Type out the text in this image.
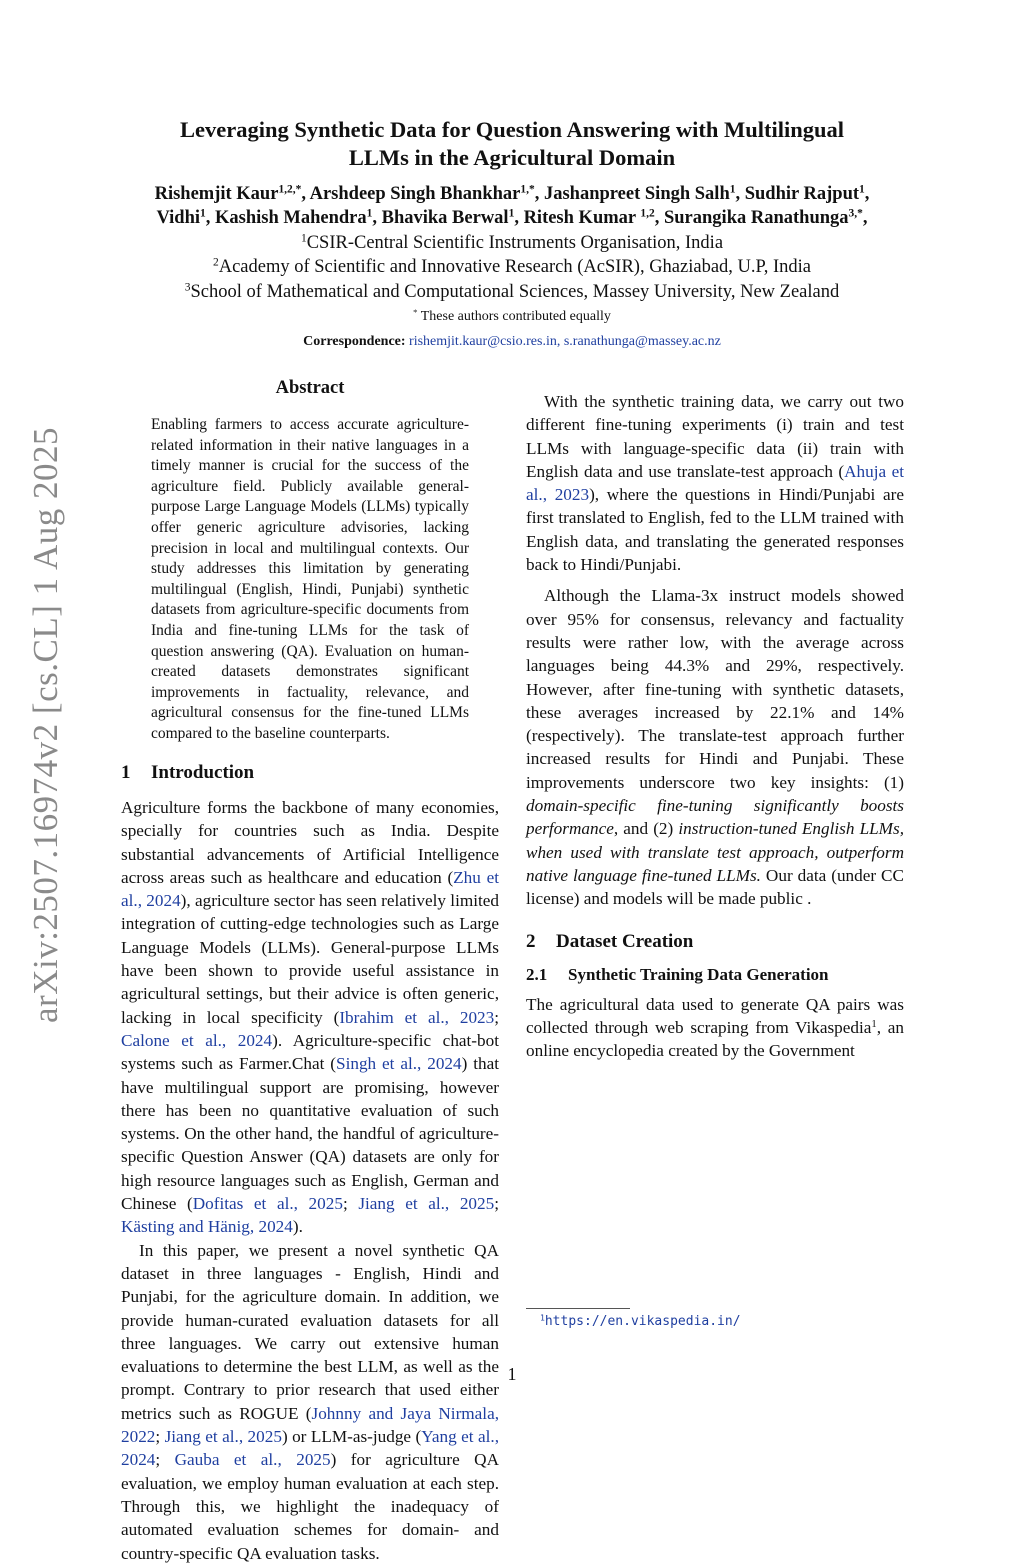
arXiv:2507.16974v2 [cs.CL] 1 Aug 2025
Leveraging Synthetic Data for Question Answering with Multilingual
LLMs in the Agricultural Domain
Rishemjit Kaur$^{1,2,*}$, Arshdeep Singh Bhankhar$^{1,*}$, Jashanpreet Singh Salh$^1$, Sudhir Rajput$^1$,
Vidhi$^1$, Kashish Mahendra$^1$, Bhavika Berwal$^1$, Ritesh Kumar $^{1,2}$, Surangika Ranathunga$^{3,*}$,
$^1$CSIR-Central Scientific Instruments Organisation, India
$^2$Academy of Scientific and Innovative Research (AcSIR), Ghaziabad, U.P, India
$^3$School of Mathematical and Computational Sciences, Massey University, New Zealand
* These authors contributed equally
Correspondence: rishemjit.kaur@csio.res.in, s.ranathunga@massey.ac.nz
Abstract
Enabling farmers to access accurate agriculture-related information in their native languages in a timely manner is crucial for the success of the agriculture field. Publicly available general-purpose Large Language Models (LLMs) typically offer generic agriculture advisories, lacking precision in local and multilingual contexts. Our study addresses this limitation by generating multilingual (English, Hindi, Punjabi) synthetic datasets from agriculture-specific documents from India and fine-tuning LLMs for the task of question answering (QA). Evaluation on human-created datasets demonstrates significant improvements in factuality, relevance, and agricultural consensus for the fine-tuned LLMs compared to the baseline counterparts.
1 Introduction

Agriculture forms the backbone of many economies, specially for countries such as India. Despite substantial advancements of Artificial Intelligence across areas such as healthcare and education (Zhu et al., 2024), agriculture sector has seen relatively limited integration of cutting-edge technologies such as Large Language Models (LLMs). General-purpose LLMs have been shown to provide useful assistance in agricultural settings, but their advice is often generic, lacking in local specificity (Ibrahim et al., 2023; Calone et al., 2024). Agriculture-specific chat-bot systems such as Farmer.Chat (Singh et al., 2024) that have multilingual support are promising, however there has been no quantitative evaluation of such systems. On the other hand, the handful of agriculture-specific Question Answer (QA) datasets are only for high resource languages such as English, German and Chinese (Dofitas et al., 2025; Jiang et al., 2025; Kästing and Hänig, 2024).

In this paper, we present a novel synthetic QA dataset in three languages - English, Hindi and Punjabi, for the agriculture domain. In addition, we provide human-curated evaluation datasets for all three languages. We carry out extensive human evaluations to determine the best LLM, as well as the prompt. Contrary to prior research that used either metrics such as ROGUE (Johnny and Jaya Nirmala, 2022; Jiang et al., 2025) or LLM-as-judge (Yang et al., 2024; Gauba et al., 2025) for agriculture QA evaluation, we employ human evaluation at each step. Through this, we highlight the inadequacy of automated evaluation schemes for domain- and country-specific QA evaluation tasks.

With the synthetic training data, we carry out two different fine-tuning experiments (i) train and test LLMs with language-specific data (ii) train with English data and use translate-test approach (Ahuja et al., 2023), where the questions in Hindi/Punjabi are first translated to English, fed to the LLM trained with English data, and translating the generated responses back to Hindi/Punjabi.

Although the Llama-3x instruct models showed over 95% for consensus, relevancy and factuality results were rather low, with the average across languages being 44.3% and 29%, respectively. However, after fine-tuning with synthetic datasets, these averages increased by 22.1% and 14% (respectively). The translate-test approach further increased results for Hindi and Punjabi. These improvements underscore two key insights: (1) domain-specific fine-tuning significantly boosts performance, and (2) instruction-tuned English LLMs, when used with translate test approach, outperform native language fine-tuned LLMs. Our data (under CC license) and models will be made public .

2 Dataset Creation
2.1 Synthetic Training Data Generation

The agricultural data used to generate QA pairs was collected through web scraping from Vikaspedia$^1$, an online encyclopedia created by the Government

$^1$https://en.vikaspedia.in/
1
